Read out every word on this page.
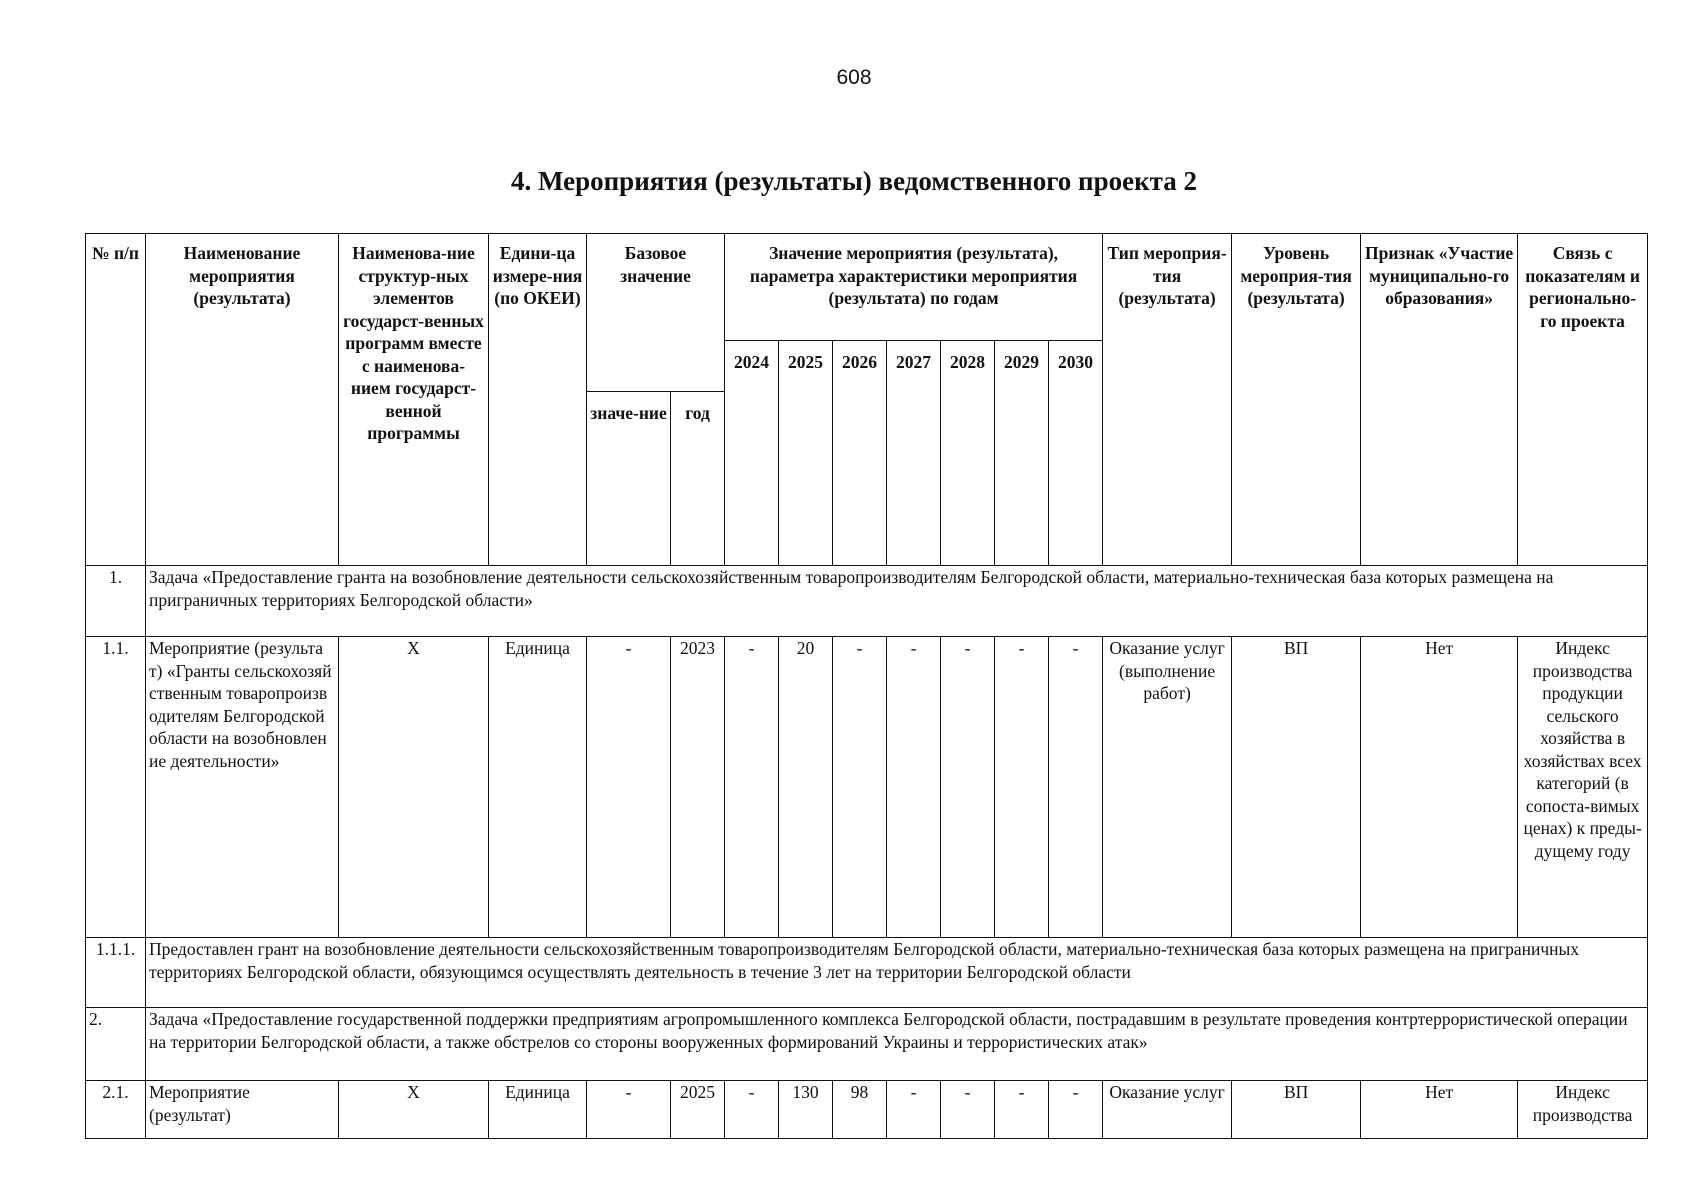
608
4. Мероприятия (результаты) ведомственного проекта 2
№ п/п	Наименование мероприятия (результата)	Наименова-ние структур-ных элементов государст-венных программ вместе с наименова-нием государст-венной программы	Едини-ца измере-ния (по ОКЕИ)	Базовое значение		Значение мероприятия (результата), параметра характеристики мероприятия (результата) по годам							Тип мероприя-тия (результата)	Уровень мероприя-тия (результата)	Признак «Участие муниципально-го образования»	Связь с показателям и регионально-го проекта
						2024	2025	2026	2027	2028	2029	2030				
				значе-ние	год											
1.	Задача «Предоставление гранта на возобновление деятельности сельскохозяйственным товаропроизводителям Белгородской области, материально-техническая база которых размещена на приграничных территориях Белгородской области»															
1.1.	Мероприятие (результат) «Гранты сельскохозяйственным товаропроизводителям Белгородской области на возобновление деятельности»	X	Единица	-	2023	-	20	-	-	-	-	-	Оказание услуг (выполнение работ)	ВП	Нет	Индекс производства продукции сельского хозяйства в хозяйствах всех категорий (в сопоста-вимых ценах) к преды-дущему году
1.1.1.	Предоставлен грант на возобновление деятельности сельскохозяйственным товаропроизводителям Белгородской области, материально-техническая база которых размещена на приграничных территориях Белгородской области, обязующимся осуществлять деятельность в течение 3 лет на территории Белгородской области															
2.	Задача «Предоставление государственной поддержки предприятиям агропромышленного комплекса Белгородской области, пострадавшим в результате проведения контртеррористической операции на территории Белгородской области, а также обстрелов со стороны вооруженных формирований Украины и террористических атак»															
2.1.	Мероприятие (результат)	X	Единица	-	2025	-	130	98	-	-	-	-	Оказание услуг	ВП	Нет	Индекс производства
